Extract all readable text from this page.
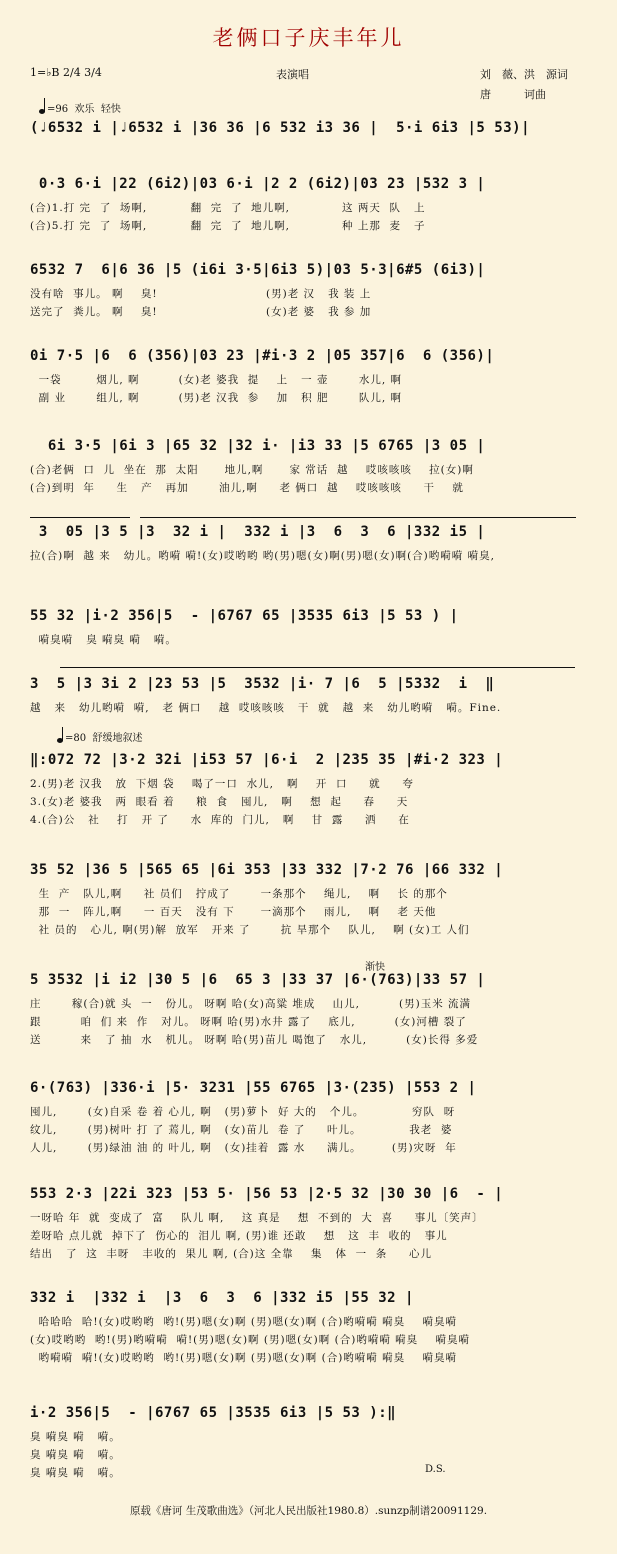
老俩口子庆丰年儿
1=♭B 2/4 3/4	表演唱	刘　薇、洪　源词
唐　　　诃曲
=96  欢乐  轻快
(♩6532 i |♩6532 i |36 36 |6 532 i3 36 |  5·i 6i3 |5 53)|
0·3 6·i |22 (6i2)|03 6·i |2 2 (6i2)|03 23 |532 3 |
(合)1.打 完  了  场啊,          翻  完  了  地儿啊,            这 两天  队   上
(合)5.打 完  了  场啊,          翻  完  了  地儿啊,            种 上那  麦   子
6532 7  6|6 36 |5 (i6i 3·5|6i3 5)|03 5·3|6#5 (6i3)|
没有啥  事儿。 啊    臭!                         (男)老 汉   我 装 上
送完了  粪儿。 啊    臭!                         (女)老 婆   我 参 加
0i 7·5 |6  6 (356)|03 23 |#i·3 2 |05 357|6  6 (356)|
一袋        烟儿, 啊         (女)老 婆我  提    上   一 壶       水儿, 啊
副 业       组儿, 啊         (男)老 汉我  参    加   积 肥       队儿, 啊
6i 3·5 |6i 3 |65 32 |32 i· |i3 33 |5 6765 |3 05 |
(合)老俩  口  儿  坐在  那  太阳      地儿,啊      家 常话  越    哎咳咳咳    拉(女)啊
(合)到明  年     生   产   再加       油儿,啊     老 俩口  越    哎咳咳咳     干    就
3  05 |3 5 |3  32 i |  332 i |3  6  3  6 |332 i5 |
拉(合)啊  越 来   幼儿。哟嗬 嗬!(女)哎哟哟 哟(男)嗯(女)啊(男)嗯(女)啊(合)哟嗬嗬 嗬臭,
55 32 |i·2 356|5  - |6767 65 |3535 6i3 |5 53 ) |
嗬臭嗬   臭 嗬臭 嗬   嗬。
3  5 |3 3i 2 |23 53 |5  3532 |i· 7 |6  5 |5332  i  ‖
越   来   幼儿哟嗬  嗬,   老 俩口    越  哎咳咳咳   干  就   越  来   幼儿哟嗬   嗬。Fine.
‖:072 72 |3·2 32i |i53 57 |6·i  2 |235 35 |#i·2 323 |
2.(男)老 汉我   放  下烟 袋    喝了一口  水儿,   啊    开  口     就     夸
3.(女)老 婆我   两  眼看 着     粮  食   囤儿,   啊    想  起     春     天
4.(合)公   社    打   开 了     水  库的  门儿,   啊    甘  露     洒     在
35 52 |36 5 |565 65 |6i 353 |33 332 |7·2 76 |66 332 |
生  产   队儿,啊     社 员们   拧成了       一条那个    绳儿,    啊    长 的那个
那  一   阵儿,啊     一 百天   没有 下      一滴那个    雨儿,    啊    老 天他
社 员的   心儿, 啊(男)解  放军   开来 了       抗 旱那个    队儿,    啊 (女)工 人们
5 3532 |i i2 |30 5 |6  65 3 |33 37 |6·(763)|33 57 |
庄       稼(合)就 头  一   份儿。 呀啊 哈(女)高粱 堆成    山儿,         (男)玉米 流满
跟         咱  们 来  作   对儿。 呀啊 哈(男)水井 露了    底儿,         (女)河槽 裂了
送         来   了 抽  水   机儿。 呀啊 哈(男)苗儿 喝饱了   水儿,         (女)长得 多爱
6·(763) |336·i |5· 3231 |55 6765 |3·(235) |553 2 |
囤儿,       (女)自采 卷 着 心儿, 啊   (男)萝卜  好 大的   个儿。           穷队  呀
纹儿,       (男)树叶 打 了 蔫儿, 啊   (女)苗儿  卷 了     叶儿。           我老  婆
人儿,       (男)绿油 油 的 叶儿, 啊   (女)挂着  露 水     满儿。       (男)灾呀  年
553 2·3 |22i 323 |53 5· |56 53 |2·5 32 |30 30 |6  - |
一呀哈 年  就  变成了  富    队儿 啊,    这 真是    想  不到的  大  喜     事儿〔笑声〕
差呀哈 点儿就  掉下了  伤心的  泪儿 啊, (男)谁 还敢    想   这  丰  收的   事儿
结出   了  这  丰呀   丰收的  果儿 啊, (合)这 全靠    集   体  一  条     心儿
332 i  |332 i  |3  6  3  6 |332 i5 |55 32 |
哈哈哈  哈!(女)哎哟哟  哟!(男)嗯(女)啊 (男)嗯(女)啊 (合)哟嗬嗬 嗬臭    嗬臭嗬
(女)哎哟哟  哟!(男)哟嗬嗬  嗬!(男)嗯(女)啊 (男)嗯(女)啊 (合)哟嗬嗬 嗬臭    嗬臭嗬
哟嗬嗬  嗬!(女)哎哟哟  哟!(男)嗯(女)啊 (男)嗯(女)啊 (合)哟嗬嗬 嗬臭    嗬臭嗬
i·2 356|5  - |6767 65 |3535 6i3 |5 53 ):‖
臭 嗬臭 嗬   嗬。
臭 嗬臭 嗬   嗬。
臭 嗬臭 嗬   嗬。
=80  舒缓地叙述
渐快
D.S.
原载《唐诃 生茂歌曲选》（河北人民出版社1980.8）.sunzp制谱20091129.
